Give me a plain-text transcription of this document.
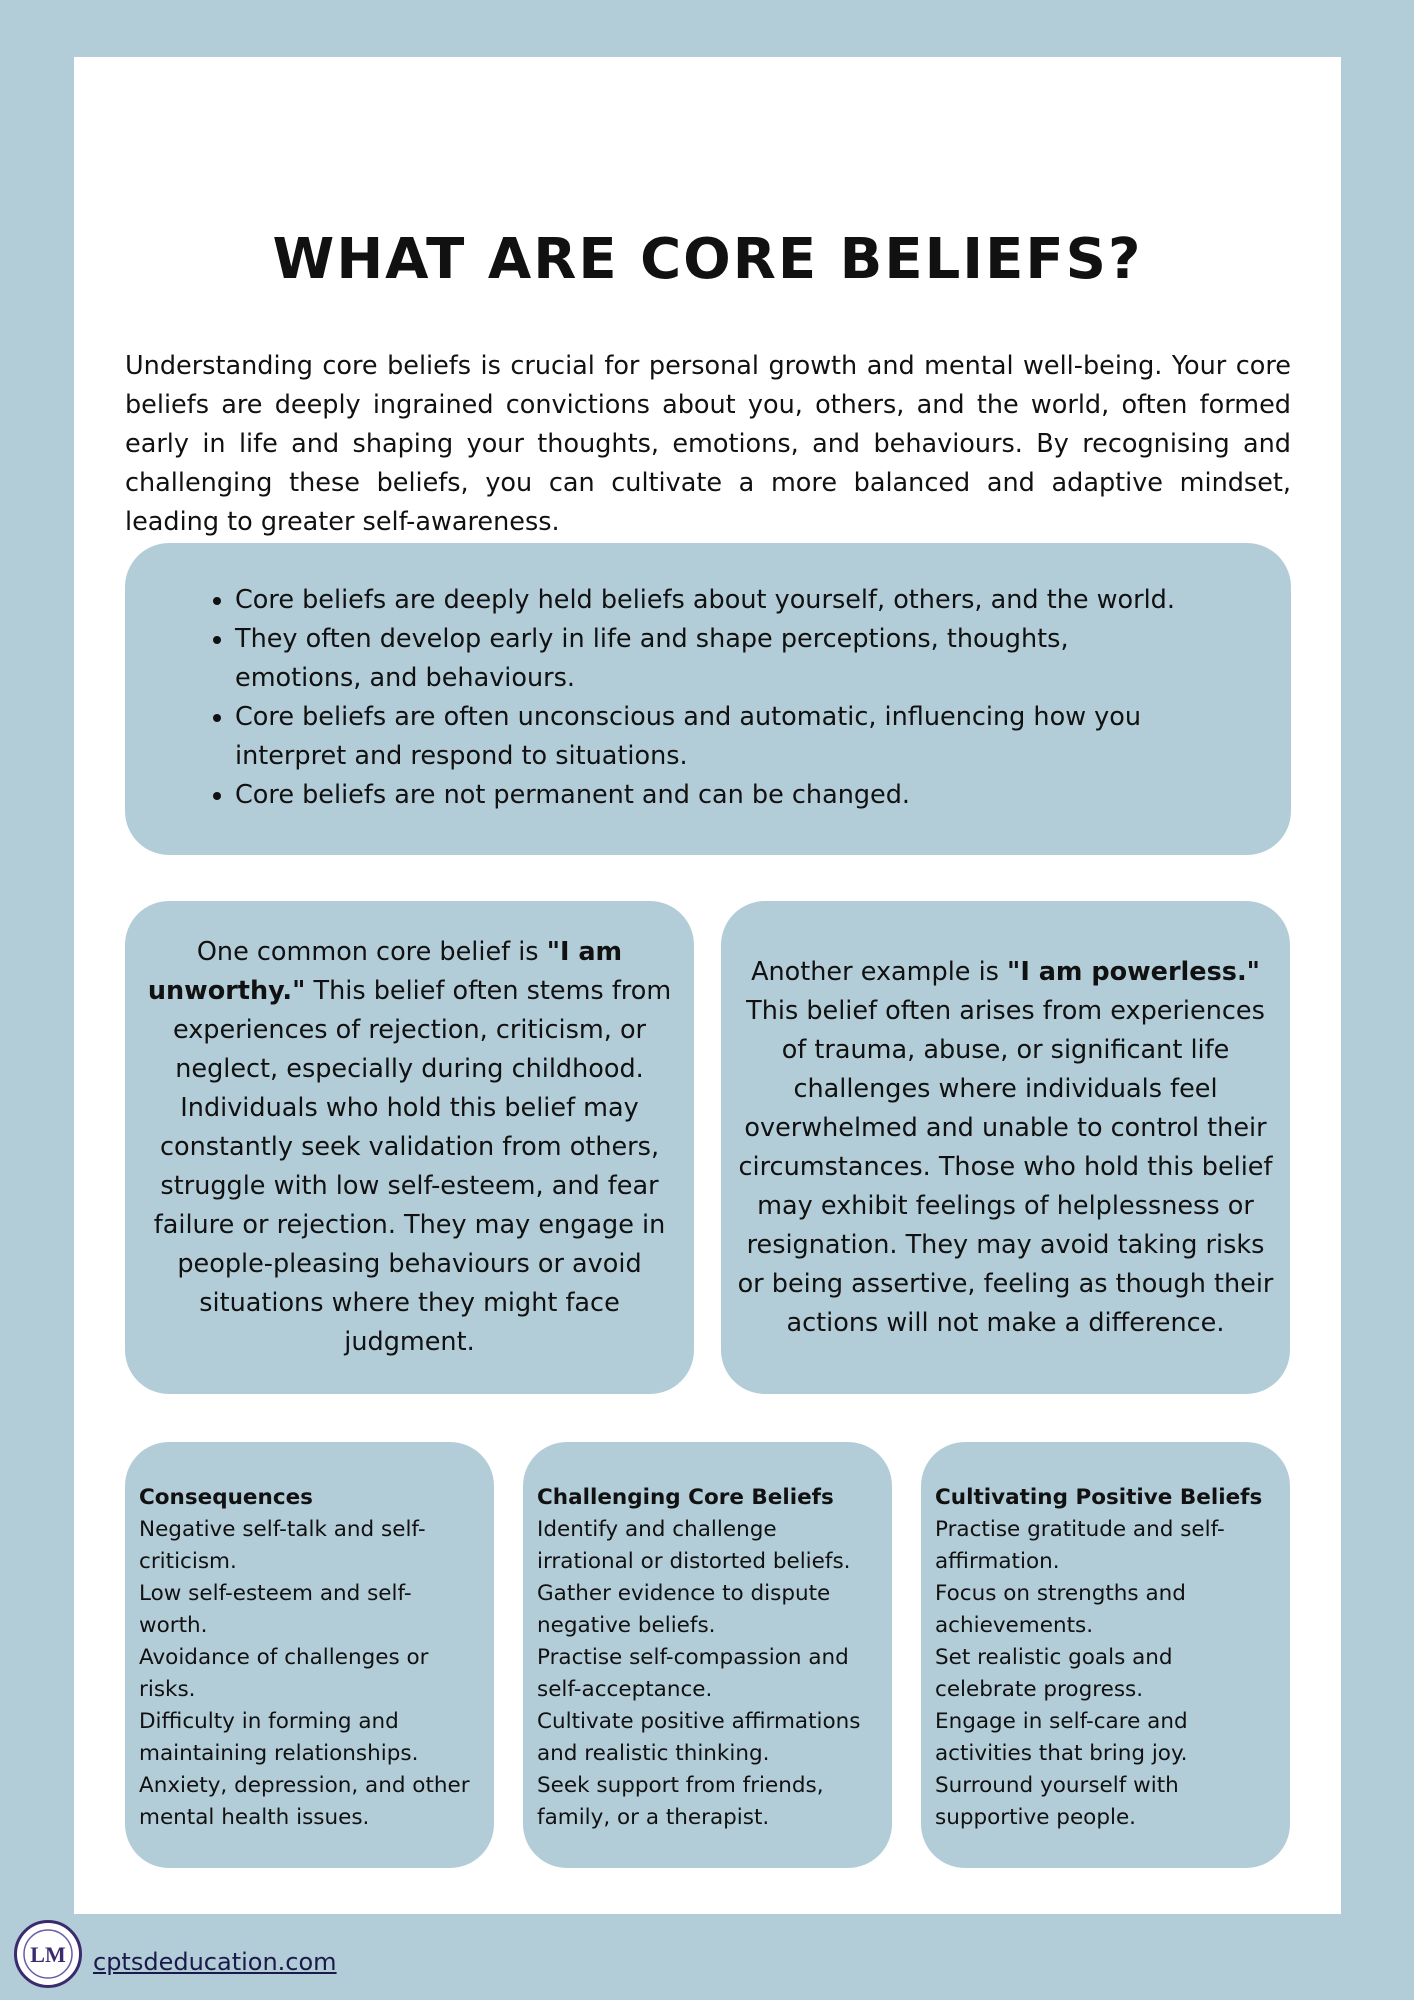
WHAT ARE CORE BELIEFS?

Understanding core beliefs is crucial for personal growth and mental well-being. Your core beliefs are deeply ingrained convictions about you, others, and the world, often formed early in life and shaping your thoughts, emotions, and behaviours. By recognising and challenging these beliefs, you can cultivate a more balanced and adaptive mindset, leading to greater self-awareness.

• Core beliefs are deeply held beliefs about yourself, others, and the world.
• They often develop early in life and shape perceptions, thoughts, emotions, and behaviours.
• Core beliefs are often unconscious and automatic, influencing how you interpret and respond to situations.
• Core beliefs are not permanent and can be changed.

One common core belief is "I am unworthy." This belief often stems from experiences of rejection, criticism, or neglect, especially during childhood. Individuals who hold this belief may constantly seek validation from others, struggle with low self-esteem, and fear failure or rejection. They may engage in people-pleasing behaviours or avoid situations where they might face judgment.

Another example is "I am powerless." This belief often arises from experiences of trauma, abuse, or significant life challenges where individuals feel overwhelmed and unable to control their circumstances. Those who hold this belief may exhibit feelings of helplessness or resignation. They may avoid taking risks or being assertive, feeling as though their actions will not make a difference.

Consequences

Negative self-talk and self-criticism.

Low self-esteem and self-worth.

Avoidance of challenges or risks.

Difficulty in forming and maintaining relationships.

Anxiety, depression, and other mental health issues.

Challenging Core Beliefs

Identify and challenge irrational or distorted beliefs.

Gather evidence to dispute negative beliefs.

Practise self-compassion and self-acceptance.

Cultivate positive affirmations and realistic thinking.

Seek support from friends, family, or a therapist.

Cultivating Positive Beliefs

Practise gratitude and self-affirmation.

Focus on strengths and achievements.

Set realistic goals and celebrate progress.

Engage in self-care and activities that bring joy.

Surround yourself with supportive people.

LM cptsdeducation.com
